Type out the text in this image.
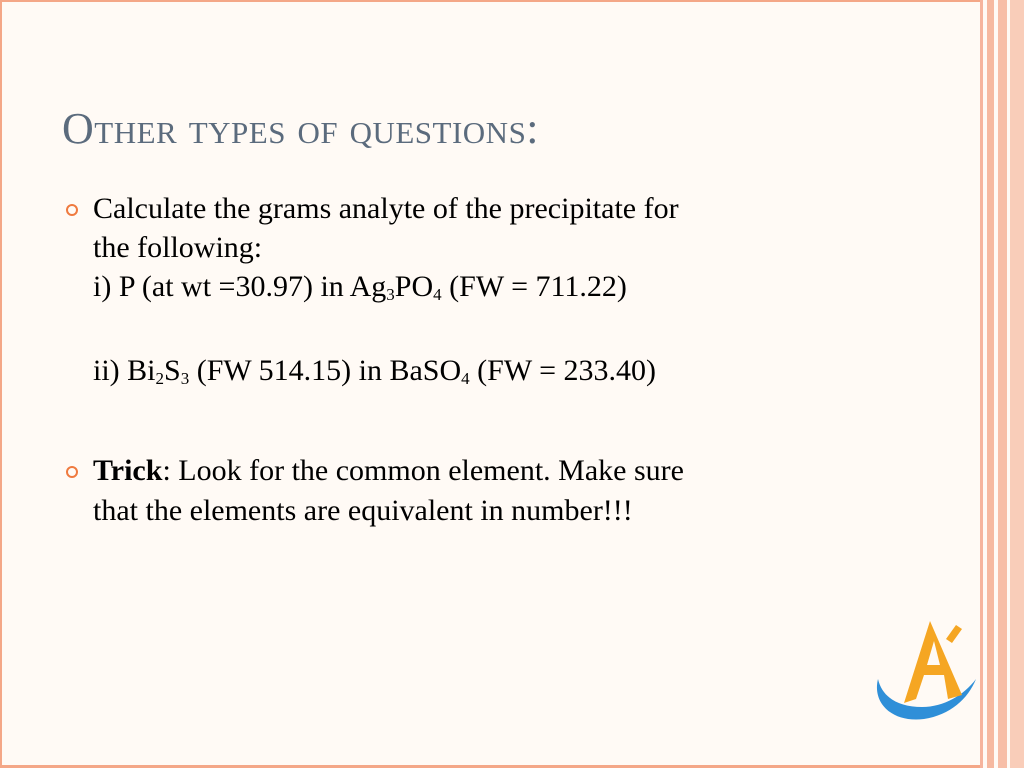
Other types of questions:
Calculate the grams analyte of the precipitate for
the following:
i) P (at wt =30.97) in $Ag_3PO_4$ (FW = 711.22)
ii) $Bi_2S_3$ (FW 514.15) in BaSO$_4$ (FW = 233.40)
Trick: Look for the common element. Make sure
that the elements are equivalent in number!!!
